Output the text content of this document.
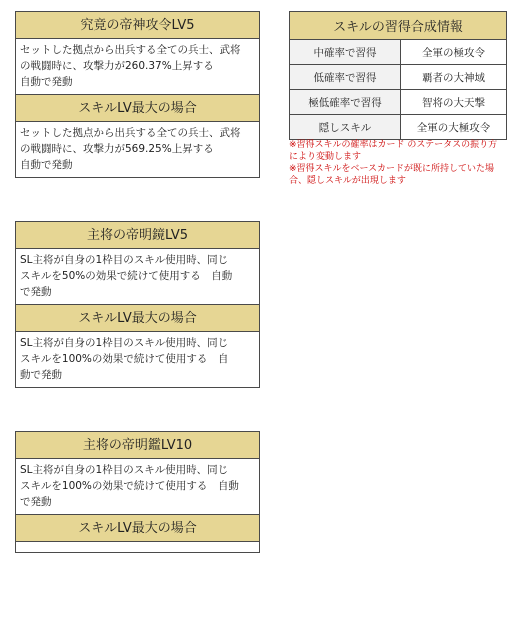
究竟の帝神攻令LV5
セットした拠点から出兵する全ての兵士、武将
の戦闘時に、攻撃力が260.37%上昇する
自動で発動
スキルLV最大の場合
セットした拠点から出兵する全ての兵士、武将
の戦闘時に、攻撃力が569.25%上昇する
自動で発動
主将の帝明鏡LV5
SL主将が自身の1枠目のスキル使用時、同じ
スキルを50%の効果で続けて使用する　自動
で発動
スキルLV最大の場合
SL主将が自身の1枠目のスキル使用時、同じ
スキルを100%の効果で続けて使用する　自
動で発動
主将の帝明鑑LV10
SL主将が自身の1枠目のスキル使用時、同じ
スキルを100%の効果で続けて使用する　自動
で発動
スキルLV最大の場合
スキルの習得合成情報	
中確率で習得	全軍の極攻令
低確率で習得	覇者の大神域
極低確率で習得	智将の大天撃
隠しスキル	全軍の大極攻令
※習得スキルの確率はカード のステータスの振り方
により変動します
※習得スキルをベースカードが既に所持していた場
合、隠しスキルが出現します
